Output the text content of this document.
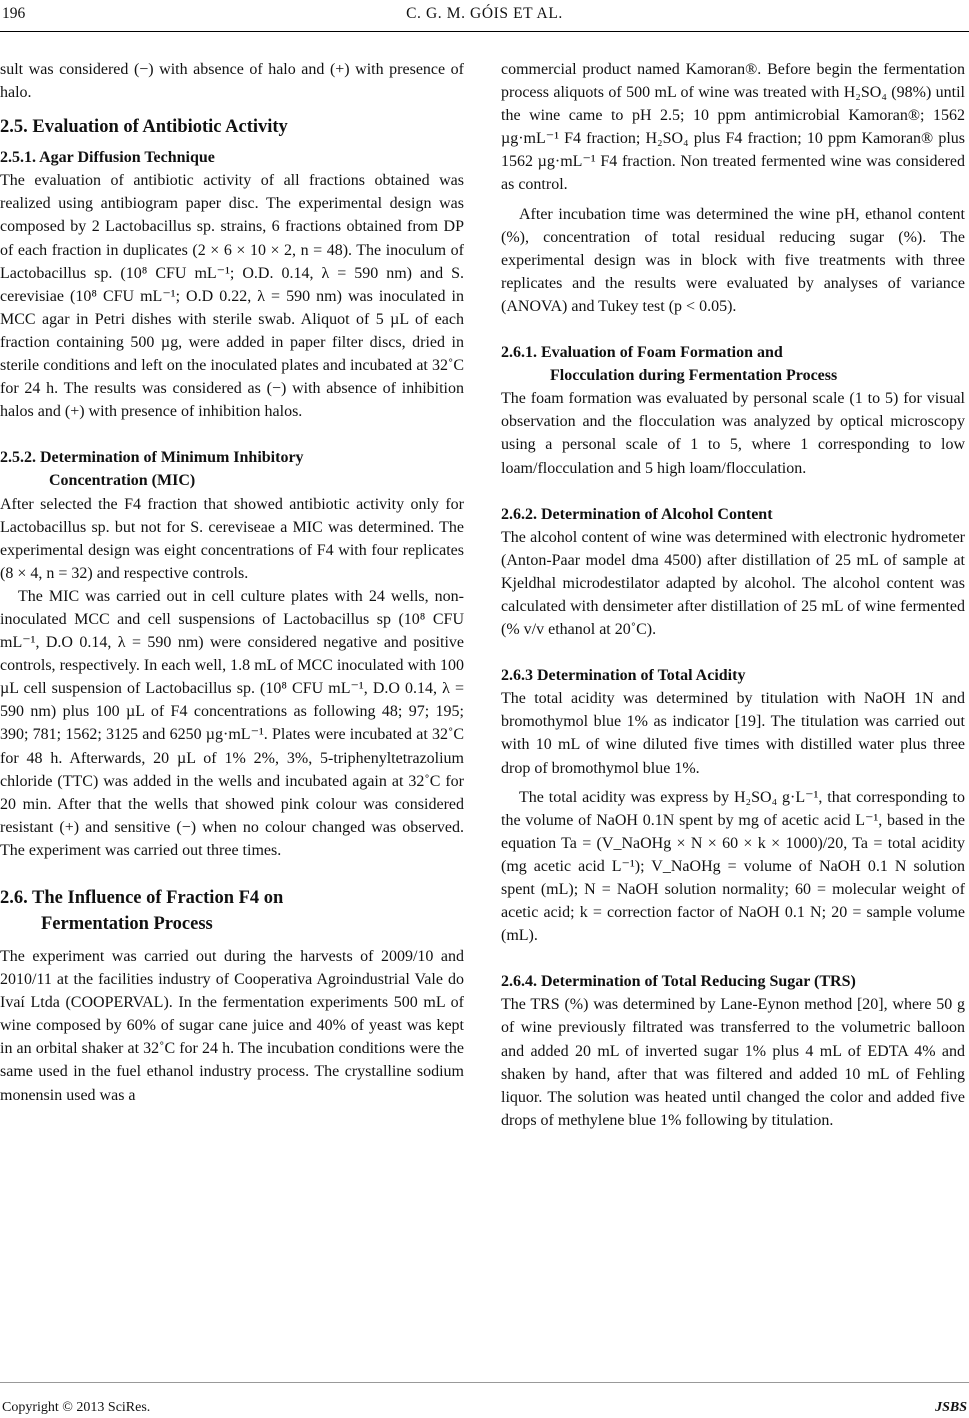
196	C. G. M. GÓIS ET AL.

sult was considered (−) with absence of halo and (+) with presence of halo.

2.5. Evaluation of Antibiotic Activity
2.5.1. Agar Diffusion Technique

The evaluation of antibiotic activity of all fractions obtained was realized using antibiogram paper disc. The experimental design was composed by 2 Lactobacillus sp. strains, 6 fractions obtained from DP of each fraction in duplicates (2 × 6 × 10 × 2, n = 48). The inoculum of Lactobacillus sp. (10⁸ CFU mL⁻¹; O.D. 0.14, λ = 590 nm) and S. cerevisiae (10⁸ CFU mL⁻¹; O.D 0.22, λ = 590 nm) was inoculated in MCC agar in Petri dishes with sterile swab. Aliquot of 5 µL of each fraction containing 500 µg, were added in paper filter discs, dried in sterile conditions and left on the inoculated plates and incubated at 32˚C for 24 h. The results was considered as (−) with absence of inhibition halos and (+) with presence of inhibition halos.

2.5.2. Determination of Minimum Inhibitory
Concentration (MIC)

After selected the F4 fraction that showed antibiotic activity only for Lactobacillus sp. but not for S. cereviseae a MIC was determined. The experimental design was eight concentrations of F4 with four replicates (8 × 4, n = 32) and respective controls.

The MIC was carried out in cell culture plates with 24 wells, non-inoculated MCC and cell suspensions of Lactobacillus sp (10⁸ CFU mL⁻¹, D.O 0.14, λ = 590 nm) were considered negative and positive controls, respectively. In each well, 1.8 mL of MCC inoculated with 100 µL cell suspension of Lactobacillus sp. (10⁸ CFU mL⁻¹, D.O 0.14, λ = 590 nm) plus 100 µL of F4 concentrations as following 48; 97; 195; 390; 781; 1562; 3125 and 6250 µg·mL⁻¹. Plates were incubated at 32˚C for 48 h. Afterwards, 20 µL of 1% 2%, 3%, 5-triphenyltetrazolium chloride (TTC) was added in the wells and incubated again at 32˚C for 20 min. After that the wells that showed pink colour was considered resistant (+) and sensitive (−) when no colour changed was observed. The experiment was carried out three times.

2.6. The Influence of Fraction F4 on
Fermentation Process

The experiment was carried out during the harvests of 2009/10 and 2010/11 at the facilities industry of Cooperativa Agroindustrial Vale do Ivaí Ltda (COOPERVAL). In the fermentation experiments 500 mL of wine composed by 60% of sugar cane juice and 40% of yeast was kept in an orbital shaker at 32˚C for 24 h. The incubation conditions were the same used in the fuel ethanol industry process. The crystalline sodium monensin used was a

commercial product named Kamoran®. Before begin the fermentation process aliquots of 500 mL of wine was treated with H₂SO₄ (98%) until the wine came to pH 2.5; 10 ppm antimicrobial Kamoran®; 1562 µg·mL⁻¹ F4 fraction; H₂SO₄ plus F4 fraction; 10 ppm Kamoran® plus 1562 µg·mL⁻¹ F4 fraction. Non treated fermented wine was considered as control.

After incubation time was determined the wine pH, ethanol content (%), concentration of total residual reducing sugar (%). The experimental design was in block with five treatments with three replicates and the results were evaluated by analyses of variance (ANOVA) and Tukey test (p < 0.05).

2.6.1. Evaluation of Foam Formation and
Flocculation during Fermentation Process

The foam formation was evaluated by personal scale (1 to 5) for visual observation and the flocculation was analyzed by optical microscopy using a personal scale of 1 to 5, where 1 corresponding to low loam/flocculation and 5 high loam/flocculation.

2.6.2. Determination of Alcohol Content

The alcohol content of wine was determined with electronic hydrometer (Anton-Paar model dma 4500) after distillation of 25 mL of sample at Kjeldhal microdestilator adapted by alcohol. The alcohol content was calculated with densimeter after distillation of 25 mL of wine fermented (% v/v ethanol at 20˚C).

2.6.3 Determination of Total Acidity

The total acidity was determined by titulation with NaOH 1N and bromothymol blue 1% as indicator [19]. The titulation was carried out with 10 mL of wine diluted five times with distilled water plus three drop of bromothymol blue 1%.

The total acidity was express by H₂SO₄ g·L⁻¹, that corresponding to the volume of NaOH 0.1N spent by mg of acetic acid L⁻¹, based in the equation Ta = (V_NaOHg × N × 60 × k × 1000)/20, Ta = total acidity (mg acetic acid L⁻¹); V_NaOHg = volume of NaOH 0.1 N solution spent (mL); N = NaOH solution normality; 60 = molecular weight of acetic acid; k = correction factor of NaOH 0.1 N; 20 = sample volume (mL).

2.6.4. Determination of Total Reducing Sugar (TRS)

The TRS (%) was determined by Lane-Eynon method [20], where 50 g of wine previously filtrated was transferred to the volumetric balloon and added 20 mL of inverted sugar 1% plus 4 mL of EDTA 4% and shaken by hand, after that was filtered and added 10 mL of Fehling liquor. The solution was heated until changed the color and added five drops of methylene blue 1% following by titulation.

Copyright © 2013 SciRes.	JSBS
